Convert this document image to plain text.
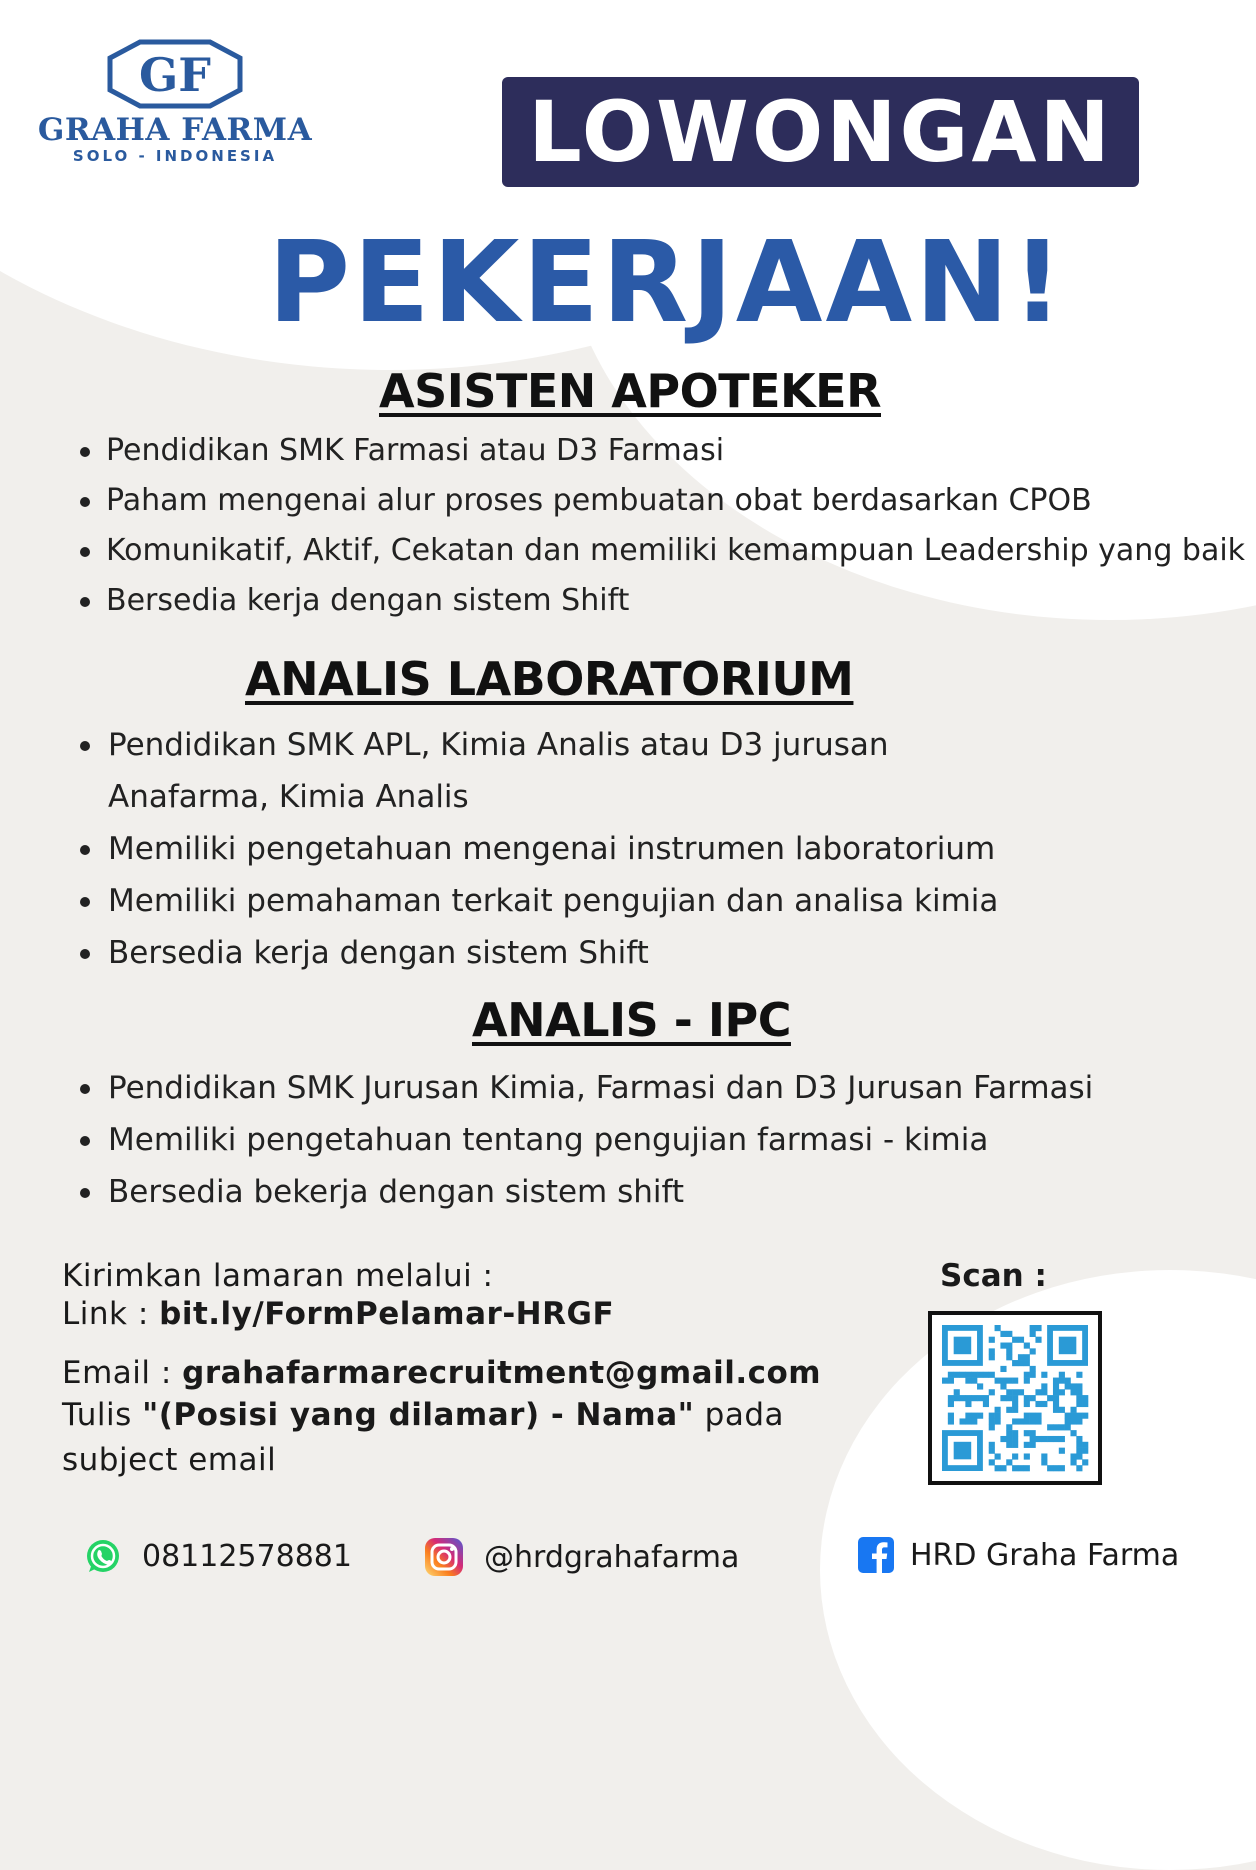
GF
GRAHA FARMA
SOLO - INDONESIA	LOWONGAN
PEKERJAAN!
ASISTEN APOTEKER
Pendidikan SMK Farmasi atau D3 Farmasi
Paham mengenai alur proses pembuatan obat berdasarkan CPOB
Komunikatif, Aktif, Cekatan dan memiliki kemampuan Leadership yang baik
Bersedia kerja dengan sistem Shift
ANALIS LABORATORIUM
Pendidikan SMK APL, Kimia Analis atau D3 jurusan Anafarma, Kimia Analis
Memiliki pengetahuan mengenai instrumen laboratorium
Memiliki pemahaman terkait pengujian dan analisa kimia
Bersedia kerja dengan sistem Shift
ANALIS - IPC
Pendidikan SMK Jurusan Kimia, Farmasi dan D3 Jurusan Farmasi
Memiliki pengetahuan tentang pengujian farmasi - kimia
Bersedia bekerja dengan sistem shift
Kirimkan lamaran melalui :
Link : bit.ly/FormPelamar-HRGF
Email : grahafarmarecruitment@gmail.com
Tulis "(Posisi yang dilamar) - Nama" pada
subject email
Scan :
08112578881	@hrdgrahafarma	HRD Graha Farma
